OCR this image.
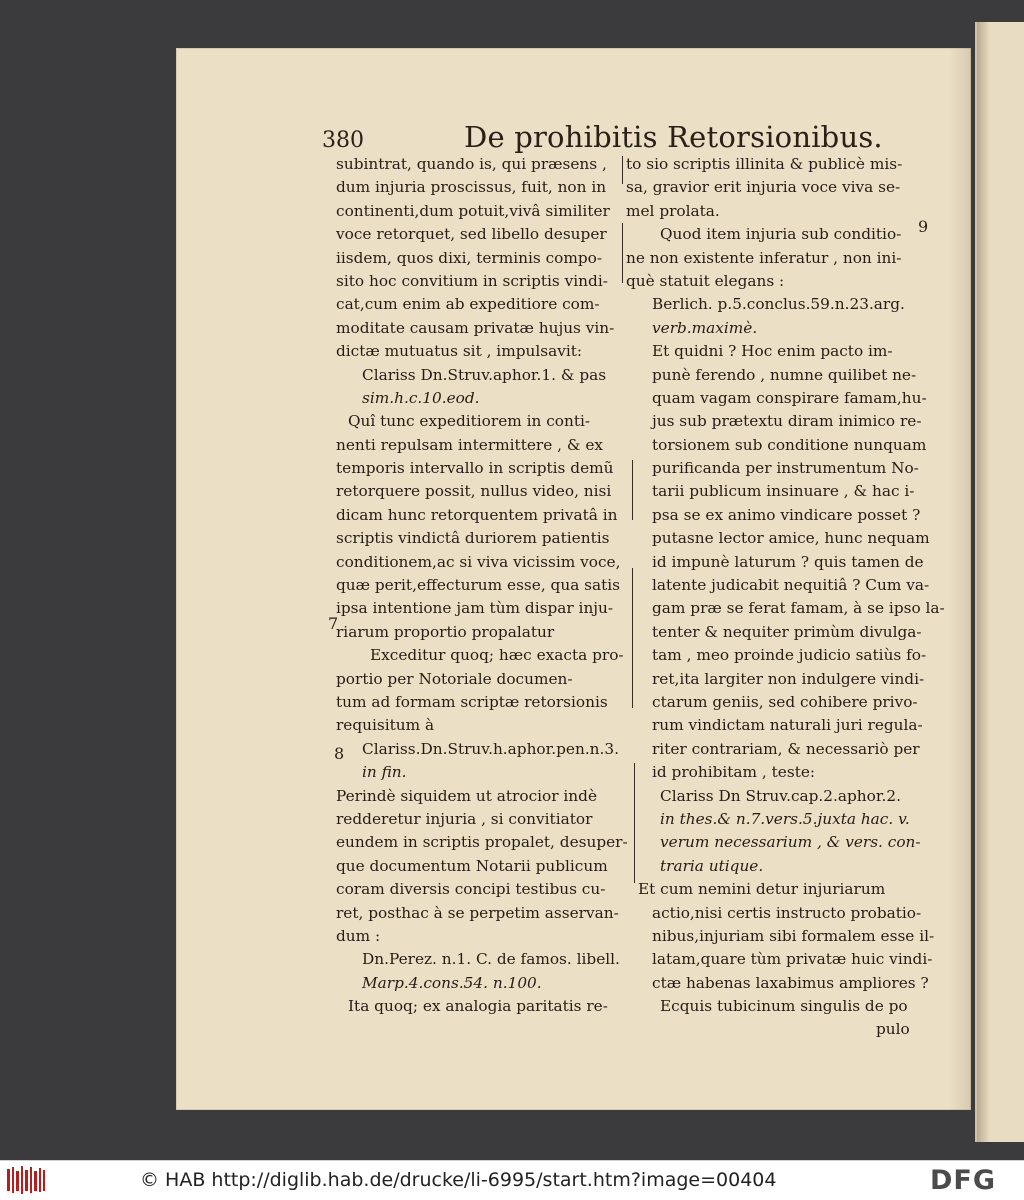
380	De prohibitis Retorsionibus.
subintrat, quando is, qui præsens ,
dum injuria proscissus, fuit, non in
continenti,dum potuit,vivâ similiter
voce retorquet, sed libello desuper
iisdem, quos dixi, terminis compo-
sito hoc convitium in scriptis vindi-
cat,cum enim ab expeditiore com-
moditate causam privatæ hujus vin-
dictæ mutuatus sit , impulsavit:
Clariss Dn.Struv.aphor.1. & pas
sim.h.c.10.eod.
Quî tunc expeditiorem in conti-
nenti repulsam intermittere , & ex
temporis intervallo in scriptis demũ
retorquere possit, nullus video, nisi
dicam hunc retorquentem privatâ in
scriptis vindictâ duriorem patientis
conditionem,ac si viva vicissim voce,
quæ perit,effecturum esse, qua satis
ipsa intentione jam tùm dispar inju-
riarum proportio propalatur
Exceditur quoq; hæc exacta pro-
portio per Notoriale documen-
tum ad formam scriptæ retorsionis
requisitum à
Clariss.Dn.Struv.h.aphor.pen.n.3.
in fin.
Perindè siquidem ut atrocior indè
redderetur injuria , si convitiator
eundem in scriptis propalet, desuper-
que documentum Notarii publicum
coram diversis concipi testibus cu-
ret, posthac à se perpetim asservan-
dum :
Dn.Perez. n.1. C. de famos. libell.
Marp.4.cons.54. n.100.
Ita quoq; ex analogia paritatis re-
7
8
to sio scriptis illinita & publicè mis-
sa, gravior erit injuria voce viva se-
mel prolata.
Quod item injuria sub conditio-
ne non existente inferatur , non ini-
què statuit elegans :
Berlich. p.5.conclus.59.n.23.arg.
verb.maximè.
Et quidni ? Hoc enim pacto im-
punè ferendo , numne quilibet ne-
quam vagam conspirare famam,hu-
jus sub prætextu diram inimico re-
torsionem sub conditione nunquam
purificanda per instrumentum No-
tarii publicum insinuare , & hac i-
psa se ex animo vindicare posset ?
putasne lector amice, hunc nequam
id impunè laturum ? quis tamen de
latente judicabit nequitiâ ? Cum va-
gam præ se ferat famam, à se ipso la-
tenter & nequiter primùm divulga-
tam , meo proinde judicio satiùs fo-
ret,ita largiter non indulgere vindi-
ctarum geniis, sed cohibere privo-
rum vindictam naturali juri regula-
riter contrariam, & necessariò per
id prohibitam , teste:
Clariss Dn Struv.cap.2.aphor.2.
in thes.& n.7.vers.5.juxta hac. v.
verum necessarium , & vers. con-
traria utique.
Et cum nemini detur injuriarum
actio,nisi certis instructo probatio-
nibus,injuriam sibi formalem esse il-
latam,quare tùm privatæ huic vindi-
ctæ habenas laxabimus ampliores ?
Ecquis tubicinum singulis de po
pulo
9
© HAB http://diglib.hab.de/drucke/li-6995/start.htm?image=00404	DFG
